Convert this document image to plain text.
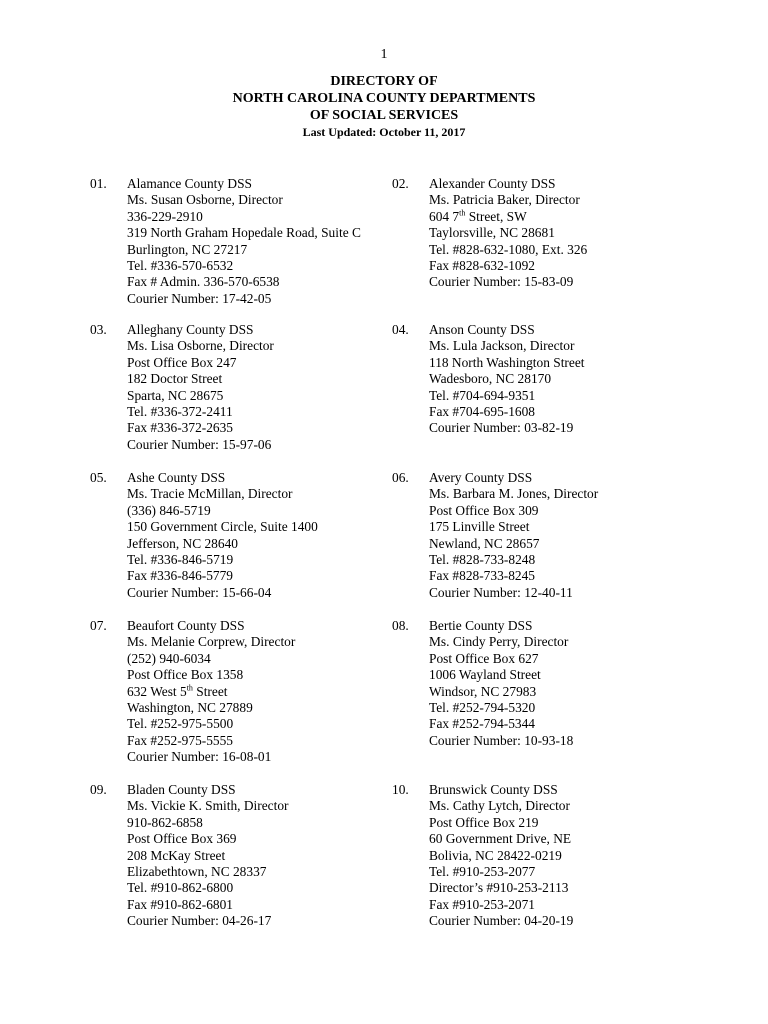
1
DIRECTORY OF
NORTH CAROLINA COUNTY DEPARTMENTS
OF SOCIAL SERVICES
Last Updated: October 11, 2017
01. Alamance County DSS
Ms. Susan Osborne, Director
336-229-2910
319 North Graham Hopedale Road, Suite C
Burlington, NC 27217
Tel. #336-570-6532
Fax # Admin. 336-570-6538
Courier Number: 17-42-05
02. Alexander County DSS
Ms. Patricia Baker, Director
604 7th Street, SW
Taylorsville, NC 28681
Tel. #828-632-1080, Ext. 326
Fax #828-632-1092
Courier Number: 15-83-09
03. Alleghany County DSS
Ms. Lisa Osborne, Director
Post Office Box 247
182 Doctor Street
Sparta, NC 28675
Tel. #336-372-2411
Fax #336-372-2635
Courier Number: 15-97-06
04. Anson County DSS
Ms. Lula Jackson, Director
118 North Washington Street
Wadesboro, NC 28170
Tel. #704-694-9351
Fax #704-695-1608
Courier Number: 03-82-19
05. Ashe County DSS
Ms. Tracie McMillan, Director
(336) 846-5719
150 Government Circle, Suite 1400
Jefferson, NC 28640
Tel. #336-846-5719
Fax #336-846-5779
Courier Number: 15-66-04
06. Avery County DSS
Ms. Barbara M. Jones, Director
Post Office Box 309
175 Linville Street
Newland, NC 28657
Tel. #828-733-8248
Fax #828-733-8245
Courier Number: 12-40-11
07. Beaufort County DSS
Ms. Melanie Corprew, Director
(252) 940-6034
Post Office Box 1358
632 West 5th Street
Washington, NC 27889
Tel. #252-975-5500
Fax #252-975-5555
Courier Number: 16-08-01
08. Bertie County DSS
Ms. Cindy Perry, Director
Post Office Box 627
1006 Wayland Street
Windsor, NC 27983
Tel. #252-794-5320
Fax #252-794-5344
Courier Number: 10-93-18
09. Bladen County DSS
Ms. Vickie K. Smith, Director
910-862-6858
Post Office Box 369
208 McKay Street
Elizabethtown, NC 28337
Tel. #910-862-6800
Fax #910-862-6801
Courier Number: 04-26-17
10. Brunswick County DSS
Ms. Cathy Lytch, Director
Post Office Box 219
60 Government Drive, NE
Bolivia, NC 28422-0219
Tel. #910-253-2077
Director’s #910-253-2113
Fax #910-253-2071
Courier Number: 04-20-19
